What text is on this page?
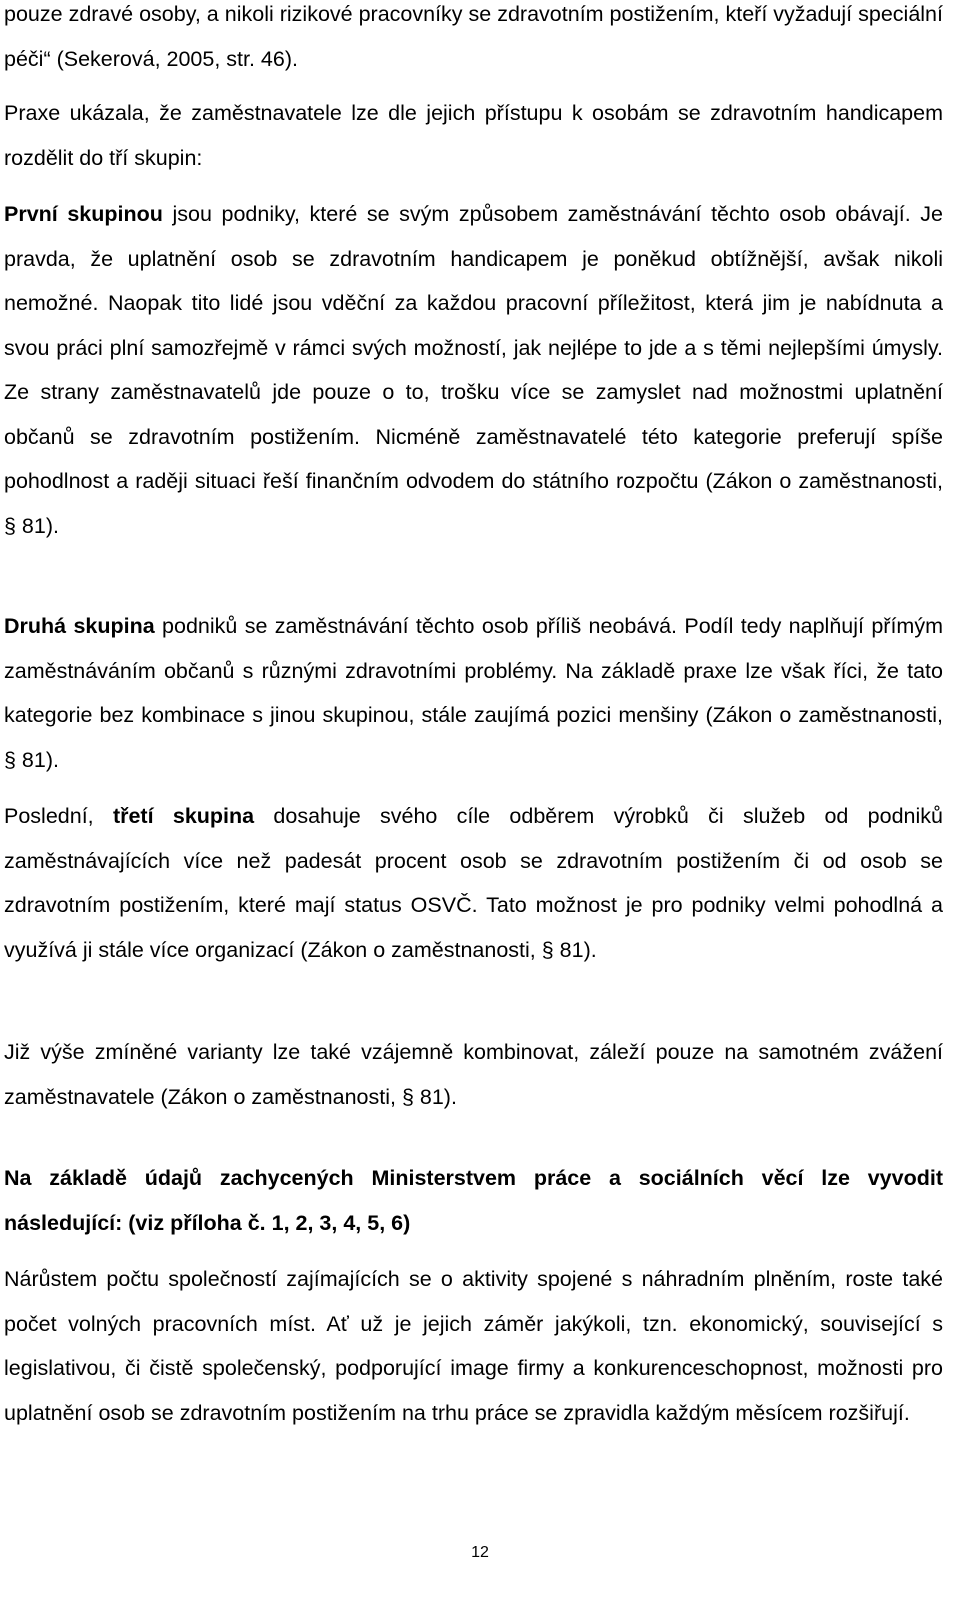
pouze zdravé osoby, a nikoli rizikové pracovníky se zdravotním postižením, kteří vyžadují speciální péči“ (Sekerová, 2005, str. 46).

Praxe ukázala, že zaměstnavatele lze dle jejich přístupu k osobám se zdravotním handicapem rozdělit do tří skupin:

První skupinou jsou podniky, které se svým způsobem zaměstnávání těchto osob obávají. Je pravda, že uplatnění osob se zdravotním handicapem je poněkud obtížnější, avšak nikoli nemožné. Naopak tito lidé jsou vděční za každou pracovní příležitost, která jim je nabídnuta a svou práci plní samozřejmě v rámci svých možností, jak nejlépe to jde a s těmi nejlepšími úmysly. Ze strany zaměstnavatelů jde pouze o to, trošku více se zamyslet nad možnostmi uplatnění občanů se zdravotním postižením. Nicméně zaměstnavatelé této kategorie preferují spíše pohodlnost a raději situaci řeší finančním odvodem do státního rozpočtu (Zákon o zaměstnanosti, § 81).

Druhá skupina podniků se zaměstnávání těchto osob příliš neobává. Podíl tedy naplňují přímým zaměstnáváním občanů s různými zdravotními problémy. Na základě praxe lze však říci, že tato kategorie bez kombinace s jinou skupinou, stále zaujímá pozici menšiny (Zákon o zaměstnanosti, § 81).

Poslední, třetí skupina dosahuje svého cíle odběrem výrobků či služeb od podniků zaměstnávajících více než padesát procent osob se zdravotním postižením či od osob se zdravotním postižením, které mají status OSVČ. Tato možnost je pro podniky velmi pohodlná a využívá ji stále více organizací (Zákon o zaměstnanosti, § 81).

Již výše zmíněné varianty lze také vzájemně kombinovat, záleží pouze na samotném zvážení zaměstnavatele (Zákon o zaměstnanosti, § 81).

Na základě údajů zachycených Ministerstvem práce a sociálních věcí lze vyvodit následující: (viz příloha č. 1, 2, 3, 4, 5, 6)

Nárůstem počtu společností zajímajících se o aktivity spojené s náhradním plněním, roste také počet volných pracovních míst. Ať už je jejich záměr jakýkoli, tzn. ekonomický, související s legislativou, či čistě společenský, podporující image firmy a konkurenceschopnost, možnosti pro uplatnění osob se zdravotním postižením na trhu práce se zpravidla každým měsícem rozšiřují.

12
